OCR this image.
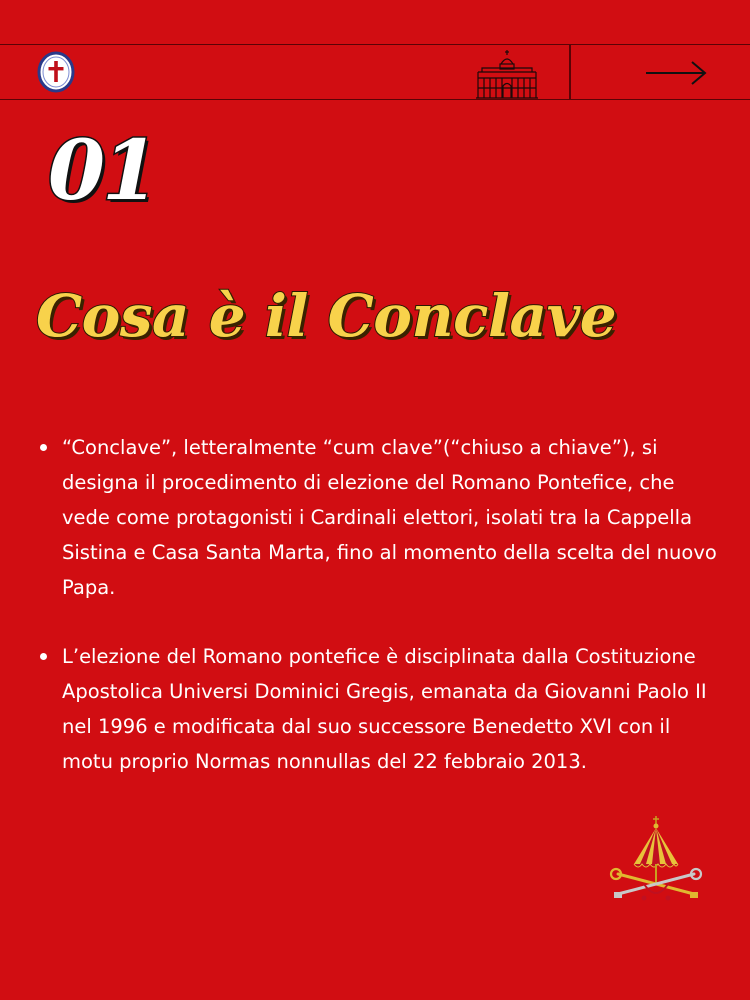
01
Cosa è il Conclave
“Conclave”, letteralmente “cum clave”(“chiuso a chiave”), si designa il procedimento di elezione del Romano Pontefice, che vede come protagonisti i Cardinali elettori, isolati tra la Cappella Sistina e Casa Santa Marta, fino al momento della scelta del nuovo Papa.
L’elezione del Romano pontefice è disciplinata dalla Costituzione Apostolica Universi Dominici Gregis, emanata da Giovanni Paolo II nel 1996 e modificata dal suo successore Benedetto XVI con il motu proprio Normas nonnullas del 22 febbraio 2013.
